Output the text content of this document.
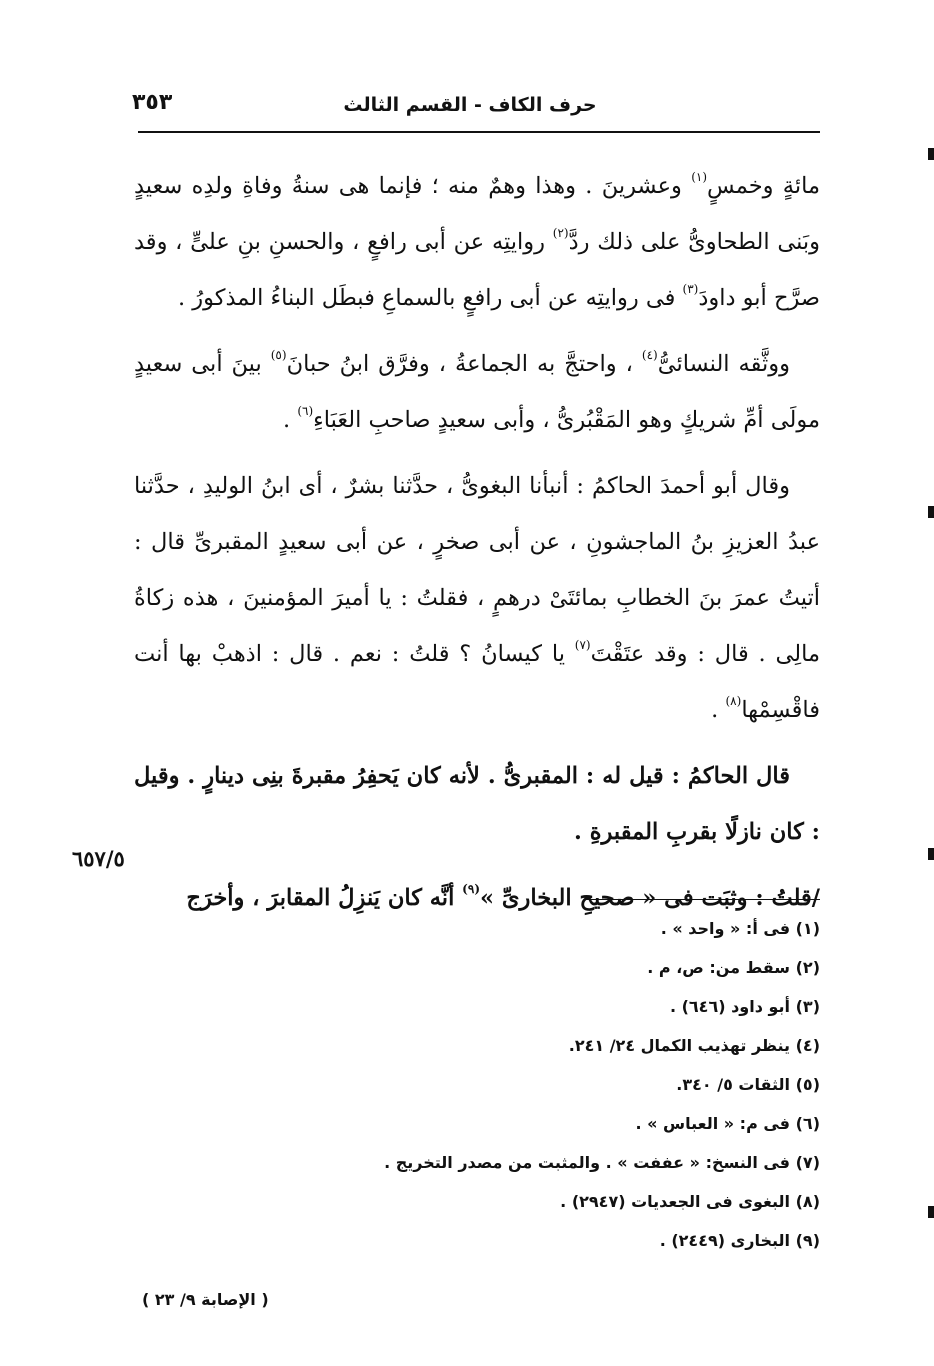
٣٥٣	حرف الكاف - القسم الثالث

مائةٍ وخمسٍ$^{(١)}$ وعشرينَ . وهذا وهمٌ منه ؛ فإنما هى سنةُ وفاةِ ولدِه سعيدٍ وبَنى الطحاوىُّ على ذلك ردَّ$^{(٢)}$ روايتِه عن أبى رافعٍ ، والحسنِ بنِ علىٍّ ، وقد صرَّح أبو داودَ$^{(٣)}$ فى روايتِه عن أبى رافعٍ بالسماعِ فبطَل البناءُ المذكورُ .

ووثَّقه النسائىُّ$^{(٤)}$ ، واحتجَّ به الجماعةُ ، وفرَّق ابنُ حبانَ$^{(٥)}$ بينَ أبى سعيدٍ مولَى أمِّ شريكٍ وهو المَقْبُرىُّ ، وأبى سعيدٍ صاحبِ العَبَاءِ$^{(٦)}$ .

وقال أبو أحمدَ الحاكمُ : أنبأنا البغوىُّ ، حدَّثنا بشرٌ ، أى ابنُ الوليدِ ، حدَّثنا عبدُ العزيزِ بنُ الماجشونِ ، عن أبى صخرٍ ، عن أبى سعيدٍ المقبرىِّ قال : أتيتُ عمرَ بنَ الخطابِ بمائتَىْ درهمٍ ، فقلتُ : يا أميرَ المؤمنينَ ، هذه زكاةُ مالِى . قال : وقد عتَقْتَ$^{(٧)}$ يا كيسانُ ؟ قلتُ : نعم . قال : اذهبْ بها أنت فاقْسِمْها$^{(٨)}$ .

قال الحاكمُ : قيل له : المقبرىُّ . لأنه كان يَحفِرُ مقبرةَ بنِى دينارٍ . وقيل : كان نازلًا بقربِ المقبرةِ .

/قلتُ : وثبَت فى « صحيحِ البخارىِّ »$^{(٩)}$ أنَّه كان يَنزِلُ المقابرَ ، وأخرَج

٦٥٧/٥
(١) فى أ: « واحد » .
(٢) سقط من: ص، م .
(٣) أبو داود (٦٤٦) .
(٤) ينظر تهذيب الكمال ٢٤/ ٢٤١.
(٥) الثقات ٥/ ٣٤٠.
(٦) فى م: « العباس » .
(٧) فى النسخ: « عففت » . والمثبت من مصدر التخريج .
(٨) البغوى فى الجعديات (٢٩٤٧) .
(٩) البخارى (٢٤٤٩) .
( الإصابة ٩/ ٢٣ )
